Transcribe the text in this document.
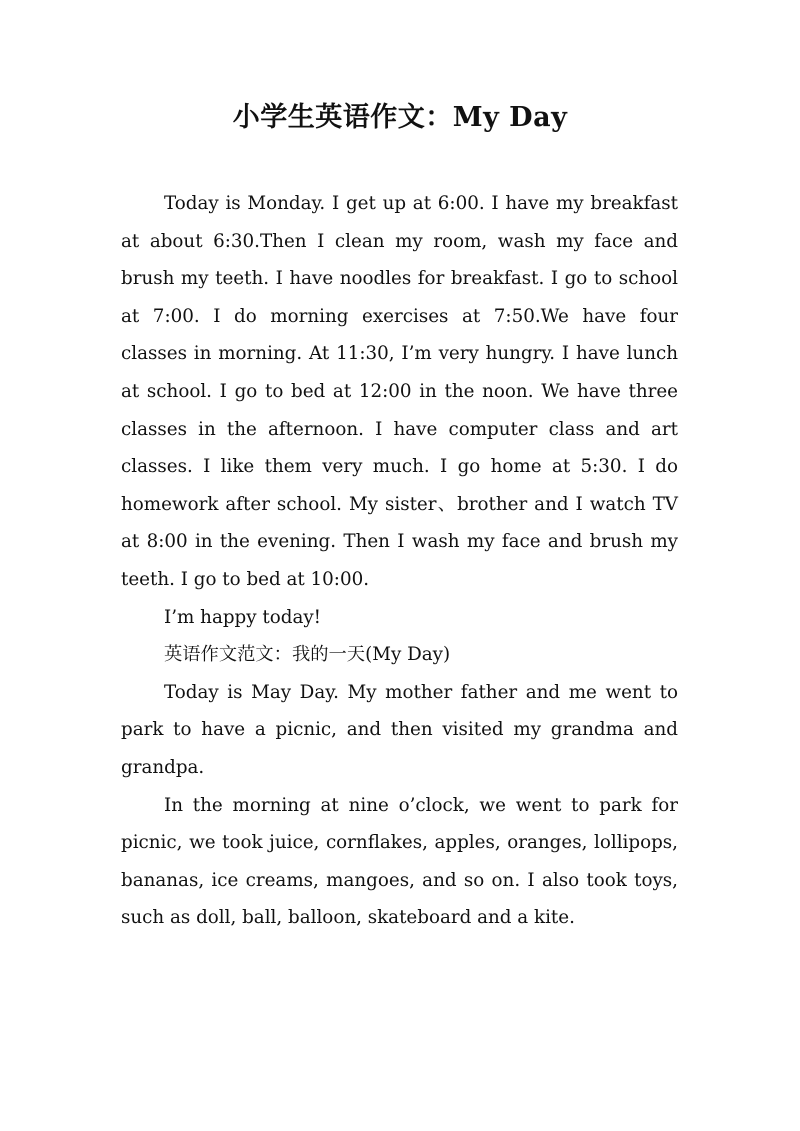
小学生英语作文：My Day

Today is Monday. I get up at 6:00. I have my breakfast at about 6:30.Then I clean my room, wash my face and brush my teeth. I have noodles for breakfast. I go to school at 7:00. I do morning exercises at 7:50.We have four classes in morning. At 11:30, I’m very hungry. I have lunch at school. I go to bed at 12:00 in the noon. We have three classes in the afternoon. I have computer class and art classes. I like them very much. I go home at 5:30. I do homework after school. My sister、brother and I watch TV at 8:00 in the evening. Then I wash my face and brush my teeth. I go to bed at 10:00.

I’m happy today!

英语作文范文：我的一天(My Day)

Today is May Day. My mother father and me went to park to have a picnic, and then visited my grandma and grandpa.

In the morning at nine o’clock, we went to park for picnic, we took juice, cornflakes, apples, oranges, lollipops, bananas, ice creams, mangoes, and so on. I also took toys, such as doll, ball, balloon, skateboard and a kite.
